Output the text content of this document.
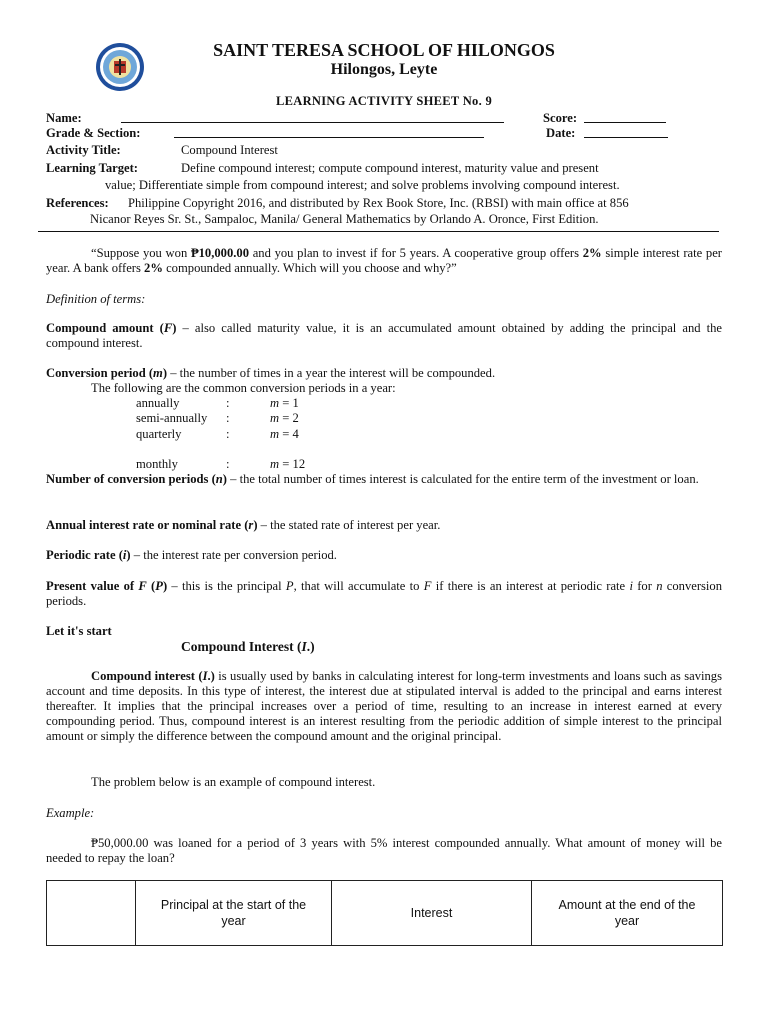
SAINT TERESA SCHOOL OF HILONGOS
Hilongos, Leyte
LEARNING ACTIVITY SHEET No. 9
Name:	Score:
Grade & Section:	Date:
Activity Title:	Compound Interest
Learning Target:	Define compound interest; compute compound interest, maturity value and present
value; Differentiate simple from compound interest; and solve problems involving compound interest.
References: Philippine Copyright 2016, and distributed by Rex Book Store, Inc. (RBSI) with main office at 856
Nicanor Reyes Sr. St., Sampaloc, Manila/ General Mathematics by Orlando A. Oronce, First Edition.
“Suppose you won ₱10,000.00 and you plan to invest if for 5 years. A cooperative group offers 2% simple interest rate per year. A bank offers 2% compounded annually. Which will you choose and why?”
Definition of terms:
Compound amount (F) – also called maturity value, it is an accumulated amount obtained by adding the principal and the compound interest.
Conversion period (m) – the number of times in a year the interest will be compounded.
The following are the common conversion periods in a year:
annually	:	m = 1
semi-annually :	m = 2
quarterly	:	m = 4
monthly	:	m = 12
Number of conversion periods (n) – the total number of times interest is calculated for the entire term of the investment or loan.
Annual interest rate or nominal rate (r) – the stated rate of interest per year.
Periodic rate (i) – the interest rate per conversion period.
Present value of F (P) – this is the principal P, that will accumulate to F if there is an interest at periodic rate i for n conversion periods.
Let it's start
Compound Interest (I.)
Compound interest (I.) is usually used by banks in calculating interest for long-term investments and loans such as savings account and time deposits. In this type of interest, the interest due at stipulated interval is added to the principal and earns interest thereafter. It implies that the principal increases over a period of time, resulting to an increase in interest earned at every compounding period. Thus, compound interest is an interest resulting from the periodic addition of simple interest to the principal amount or simply the difference between the compound amount and the original principal.
The problem below is an example of compound interest.
Example:
₱50,000.00 was loaned for a period of 3 years with 5% interest compounded annually. What amount of money will be needed to repay the loan?
	Principal at the start of the year	Interest	Amount at the end of the year
